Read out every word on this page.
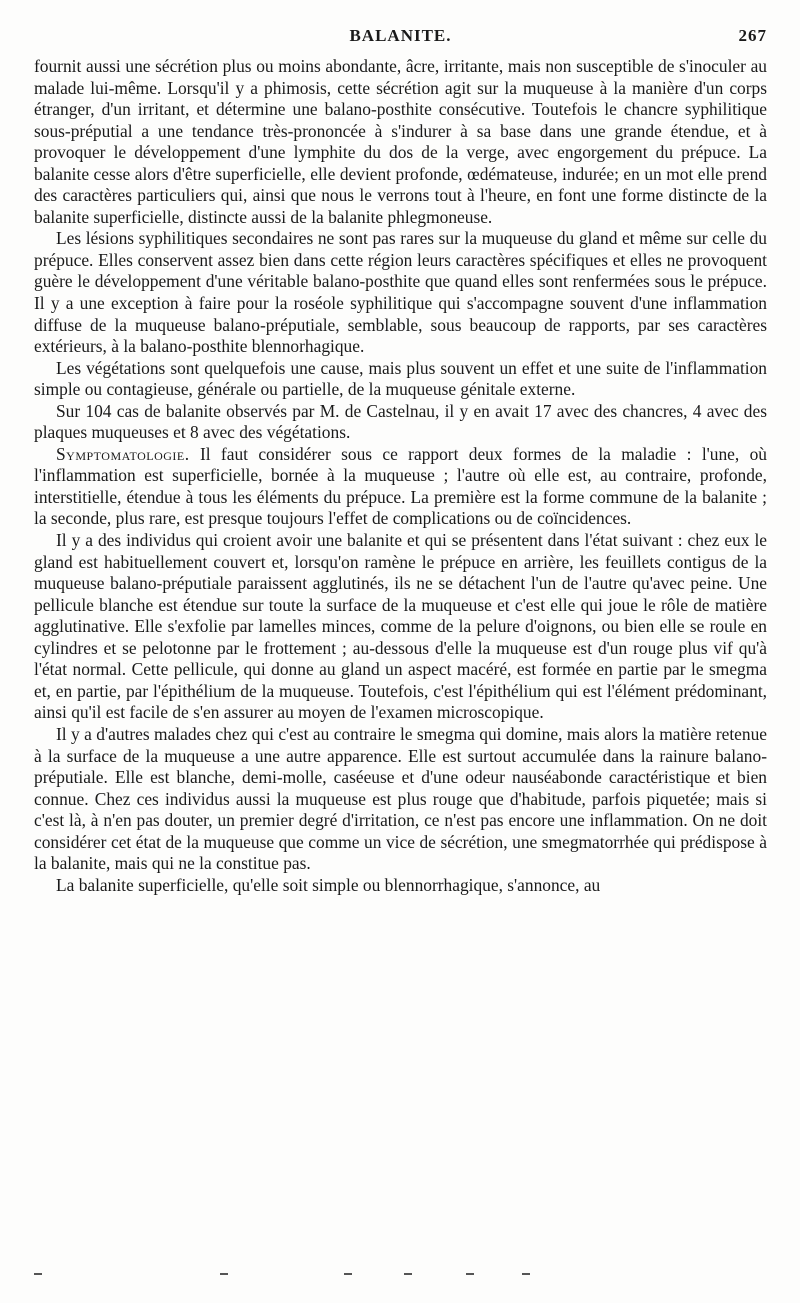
BALANITE.	267

fournit aussi une sécrétion plus ou moins abondante, âcre, irritante, mais non susceptible de s'inoculer au malade lui-même. Lorsqu'il y a phimosis, cette sécrétion agit sur la muqueuse à la manière d'un corps étranger, d'un irritant, et détermine une balano-posthite consécutive. Toutefois le chancre syphilitique sous-préputial a une tendance très-prononcée à s'indurer à sa base dans une grande étendue, et à provoquer le développement d'une lymphite du dos de la verge, avec engorgement du prépuce. La balanite cesse alors d'être superficielle, elle devient profonde, œdémateuse, indurée; en un mot elle prend des caractères particuliers qui, ainsi que nous le verrons tout à l'heure, en font une forme distincte de la balanite superficielle, distincte aussi de la balanite phlegmoneuse.

Les lésions syphilitiques secondaires ne sont pas rares sur la muqueuse du gland et même sur celle du prépuce. Elles conservent assez bien dans cette région leurs caractères spécifiques et elles ne provoquent guère le développement d'une véritable balano-posthite que quand elles sont renfermées sous le prépuce. Il y a une exception à faire pour la roséole syphilitique qui s'accompagne souvent d'une inflammation diffuse de la muqueuse balano-préputiale, semblable, sous beaucoup de rapports, par ses caractères extérieurs, à la balano-posthite blennorhagique.

Les végétations sont quelquefois une cause, mais plus souvent un effet et une suite de l'inflammation simple ou contagieuse, générale ou partielle, de la muqueuse génitale externe.

Sur 104 cas de balanite observés par M. de Castelnau, il y en avait 17 avec des chancres, 4 avec des plaques muqueuses et 8 avec des végétations.

Symptomatologie. Il faut considérer sous ce rapport deux formes de la maladie : l'une, où l'inflammation est superficielle, bornée à la muqueuse ; l'autre où elle est, au contraire, profonde, interstitielle, étendue à tous les éléments du prépuce. La première est la forme commune de la balanite ; la seconde, plus rare, est presque toujours l'effet de complications ou de coïncidences.

Il y a des individus qui croient avoir une balanite et qui se présentent dans l'état suivant : chez eux le gland est habituellement couvert et, lorsqu'on ramène le prépuce en arrière, les feuillets contigus de la muqueuse balano-préputiale paraissent agglutinés, ils ne se détachent l'un de l'autre qu'avec peine. Une pellicule blanche est étendue sur toute la surface de la muqueuse et c'est elle qui joue le rôle de matière agglutinative. Elle s'exfolie par lamelles minces, comme de la pelure d'oignons, ou bien elle se roule en cylindres et se pelotonne par le frottement ; au-dessous d'elle la muqueuse est d'un rouge plus vif qu'à l'état normal. Cette pellicule, qui donne au gland un aspect macéré, est formée en partie par le smegma et, en partie, par l'épithélium de la muqueuse. Toutefois, c'est l'épithélium qui est l'élément prédominant, ainsi qu'il est facile de s'en assurer au moyen de l'examen microscopique.

Il y a d'autres malades chez qui c'est au contraire le smegma qui domine, mais alors la matière retenue à la surface de la muqueuse a une autre apparence. Elle est surtout accumulée dans la rainure balano-préputiale. Elle est blanche, demi-molle, caséeuse et d'une odeur nauséabonde caractéristique et bien connue. Chez ces individus aussi la muqueuse est plus rouge que d'habitude, parfois piquetée; mais si c'est là, à n'en pas douter, un premier degré d'irritation, ce n'est pas encore une inflammation. On ne doit considérer cet état de la muqueuse que comme un vice de sécrétion, une smegmatorrhée qui prédispose à la balanite, mais qui ne la constitue pas.

La balanite superficielle, qu'elle soit simple ou blennorrhagique, s'annonce, au
